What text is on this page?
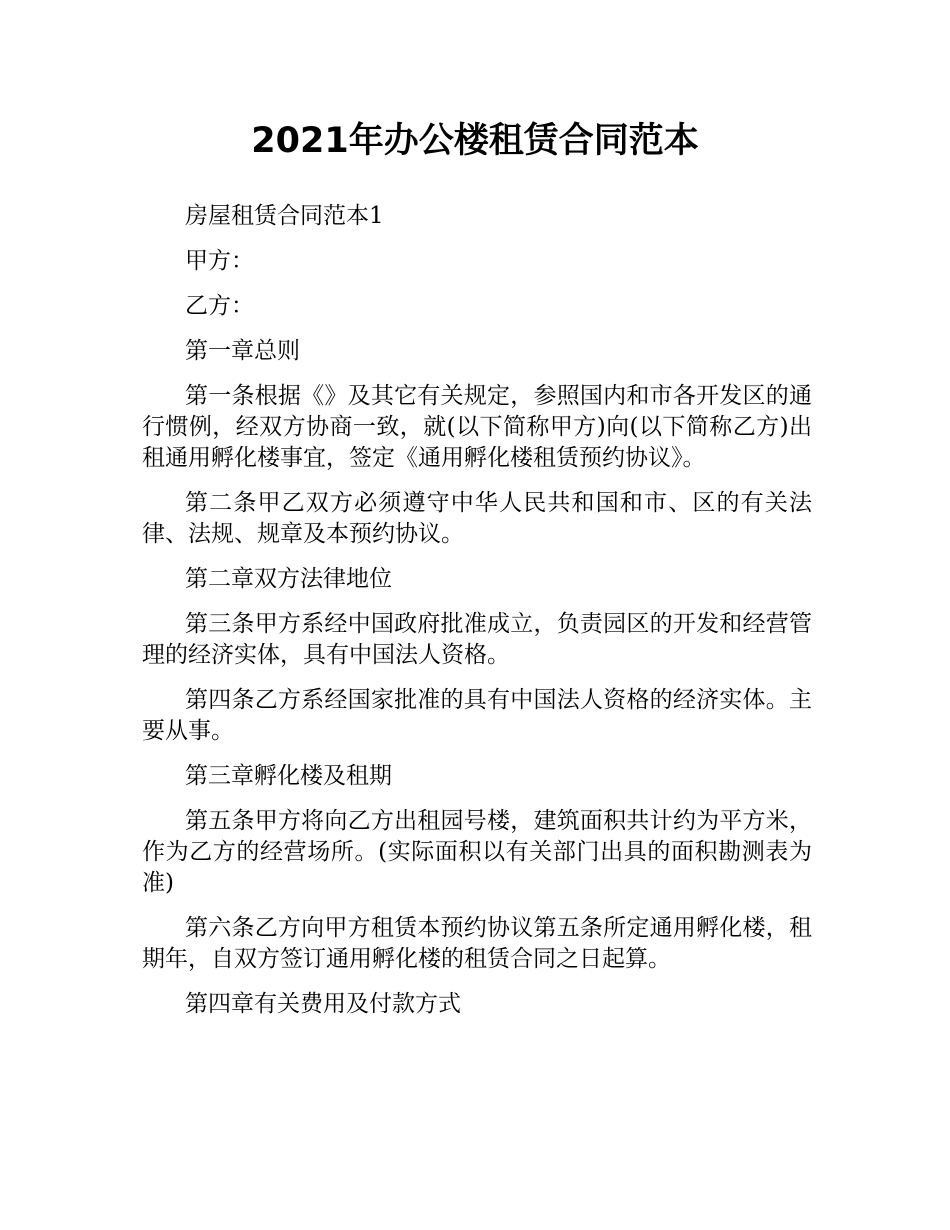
2021年办公楼租赁合同范本

房屋租赁合同范本1

甲方：

乙方：

第一章总则

第一条根据《》及其它有关规定，参照国内和市各开发区的通行惯例，经双方协商一致，就(以下简称甲方)向(以下简称乙方)出租通用孵化楼事宜，签定《通用孵化楼租赁预约协议》。

第二条甲乙双方必须遵守中华人民共和国和市、区的有关法律、法规、规章及本预约协议。

第二章双方法律地位

第三条甲方系经中国政府批准成立，负责园区的开发和经营管理的经济实体，具有中国法人资格。

第四条乙方系经国家批准的具有中国法人资格的经济实体。主要从事。

第三章孵化楼及租期

第五条甲方将向乙方出租园号楼，建筑面积共计约为平方米，作为乙方的经营场所。(实际面积以有关部门出具的面积勘测表为准)

第六条乙方向甲方租赁本预约协议第五条所定通用孵化楼，租期年，自双方签订通用孵化楼的租赁合同之日起算。

第四章有关费用及付款方式
